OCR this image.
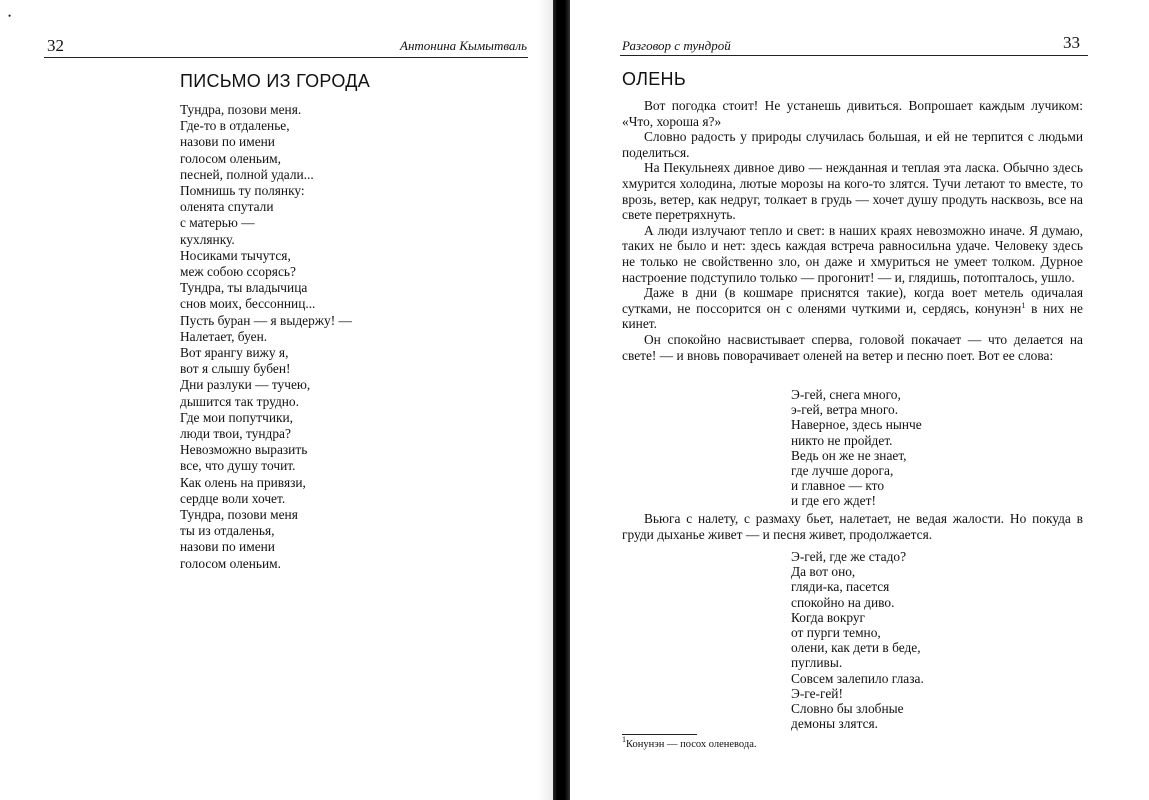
•
32	Антонина Кымытваль
ПИСЬМО ИЗ ГОРОДА
Тундра, позови меня.
Где-то в отдаленье,
назови по имени
голосом оленьим,
песней, полной удали...
Помнишь ту полянку:
оленята спутали
с матерью —
кухлянку.
Носиками тычутся,
меж собою ссорясь?
Тундра, ты владычица
снов моих, бессонниц...
Пусть буран — я выдержу! —
Налетает, буен.
Вот ярангу вижу я,
вот я слышу бубен!
Дни разлуки — тучею,
дышится так трудно.
Где мои попутчики,
люди твои, тундра?
Невозможно выразить
все, что душу точит.
Как олень на привязи,
сердце воли хочет.
Тундра, позови меня
ты из отдаленья,
назови по имени
голосом оленьим.
Разговор с тундрой	33
ОЛЕНЬ

Вот погодка стоит! Не устанешь дивиться. Вопрошает каждым лучиком: «Что, хороша я?»

Словно радость у природы случилась большая, и ей не терпится с людьми поделиться.

На Пекульнеях дивное диво — нежданная и теплая эта ласка. Обычно здесь хмурится холодина, лютые морозы на кого-то злятся. Тучи летают то вместе, то врозь, ветер, как недруг, толкает в грудь — хочет душу продуть насквозь, все на свете перетряхнуть.

А люди излучают тепло и свет: в наших краях невозможно иначе. Я думаю, таких не было и нет: здесь каждая встреча равносильна удаче. Человеку здесь не только не свойственно зло, он даже и хмуриться не умеет толком. Дурное настроение подступило только — прогонит! — и, глядишь, потопталось, ушло.

Даже в дни (в кошмаре приснятся такие), когда воет метель одичалая сутками, не поссорится он с оленями чуткими и, сердясь, конунэн$^1$ в них не кинет.

Он спокойно насвистывает сперва, головой покачает — что делается на свете! — и вновь поворачивает оленей на ветер и песню поет. Вот ее слова:

Э-гей, снега много,
э-гей, ветра много.
Наверное, здесь нынче
никто не пройдет.
Ведь он же не знает,
где лучше дорога,
и главное — кто
и где его ждет!

Вьюга с налету, с размаху бьет, налетает, не ведая жалости. Но покуда в груди дыханье живет — и песня живет, продолжается.

Э-гей, где же стадо?
Да вот оно,
гляди-ка, пасется
спокойно на диво.
Когда вокруг
от пурги темно,
олени, как дети в беде,
пугливы.
Совсем залепило глаза.
Э-ге-гей!
Словно бы злобные
демоны злятся.
$^1$Конунэн — посох оленевода.
